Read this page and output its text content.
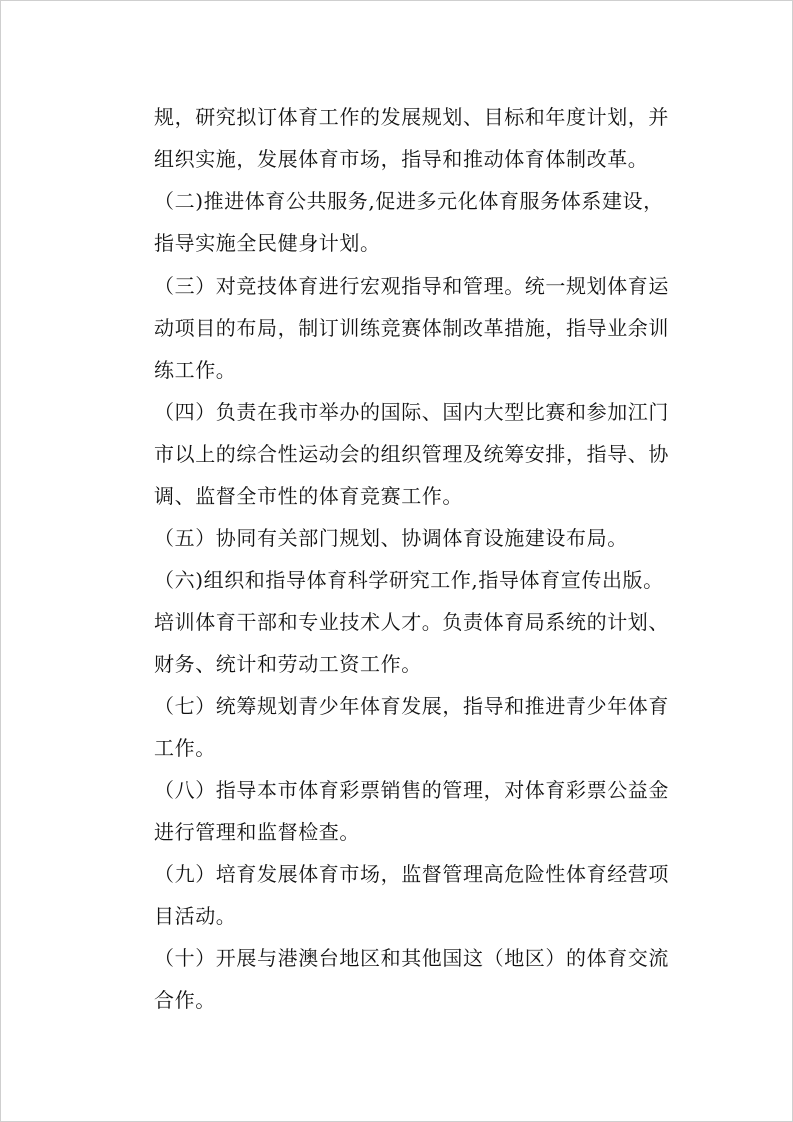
规，研究拟订体育工作的发展规划、目标和年度计划，并
组织实施，发展体育市场，指导和推动体育体制改革。
（二)推进体育公共服务,促进多元化体育服务体系建设，
指导实施全民健身计划。
（三）对竞技体育进行宏观指导和管理。统一规划体育运
动项目的布局，制订训练竞赛体制改革措施，指导业余训
练工作。
（四）负责在我市举办的国际、国内大型比赛和参加江门
市以上的综合性运动会的组织管理及统筹安排，指导、协
调、监督全市性的体育竞赛工作。
（五）协同有关部门规划、协调体育设施建设布局。
（六)组织和指导体育科学研究工作,指导体育宣传出版。
培训体育干部和专业技术人才。负责体育局系统的计划、
财务、统计和劳动工资工作。
（七）统筹规划青少年体育发展，指导和推进青少年体育
工作。
（八）指导本市体育彩票销售的管理，对体育彩票公益金
进行管理和监督检查。
（九）培育发展体育市场，监督管理高危险性体育经营项
目活动。
（十）开展与港澳台地区和其他国这（地区）的体育交流
合作。
